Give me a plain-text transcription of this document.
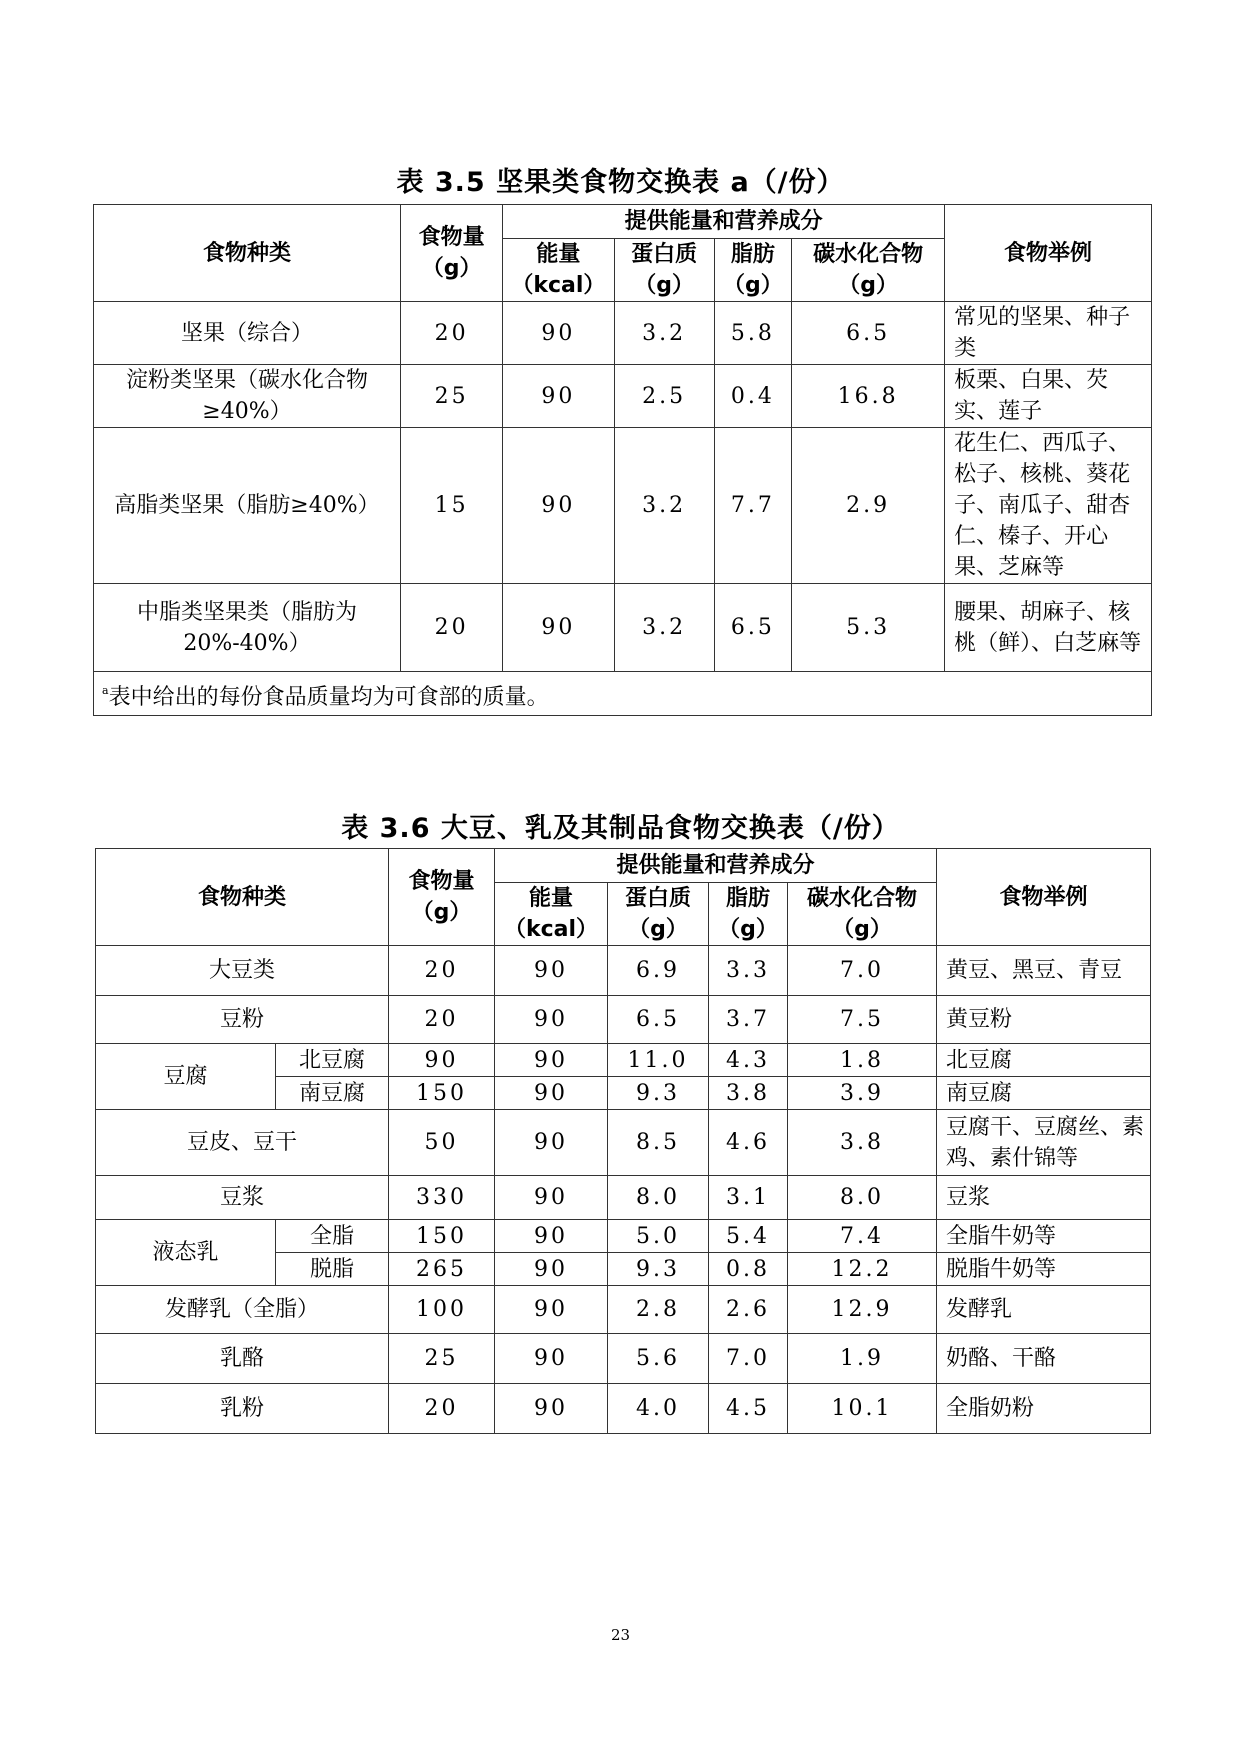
表 3.5 坚果类食物交换表 a（/份）
食物种类	食物量（g）	提供能量和营养成分				食物举例
		能量（kcal）	蛋白质（g）	脂肪（g）	碳水化合物（g）	
坚果（综合）	20	90	3.2	5.8	6.5	常见的坚果、种子类
淀粉类坚果（碳水化合物≥40%）	25	90	2.5	0.4	16.8	板栗、白果、芡实、莲子
高脂类坚果（脂肪≥40%）	15	90	3.2	7.7	2.9	花生仁、西瓜子、松子、核桃、葵花子、南瓜子、甜杏仁、榛子、开心果、芝麻等
中脂类坚果类（脂肪为20%-40%）	20	90	3.2	6.5	5.3	腰果、胡麻子、核桃（鲜）、白芝麻等
$^a$表中给出的每份食品质量均为可食部的质量。						
表 3.6 大豆、乳及其制品食物交换表（/份）
食物种类		食物量（g）	提供能量和营养成分				食物举例
			能量（kcal）	蛋白质（g）	脂肪（g）	碳水化合物（g）	
大豆类		20	90	6.9	3.3	7.0	黄豆、黑豆、青豆
豆粉		20	90	6.5	3.7	7.5	黄豆粉
豆腐	北豆腐	90	90	11.0	4.3	1.8	北豆腐
	南豆腐	150	90	9.3	3.8	3.9	南豆腐
豆皮、豆干		50	90	8.5	4.6	3.8	豆腐干、豆腐丝、素鸡、素什锦等
豆浆		330	90	8.0	3.1	8.0	豆浆
液态乳	全脂	150	90	5.0	5.4	7.4	全脂牛奶等
	脱脂	265	90	9.3	0.8	12.2	脱脂牛奶等
发酵乳（全脂）		100	90	2.8	2.6	12.9	发酵乳
乳酪		25	90	5.6	7.0	1.9	奶酪、干酪
乳粉		20	90	4.0	4.5	10.1	全脂奶粉
23
